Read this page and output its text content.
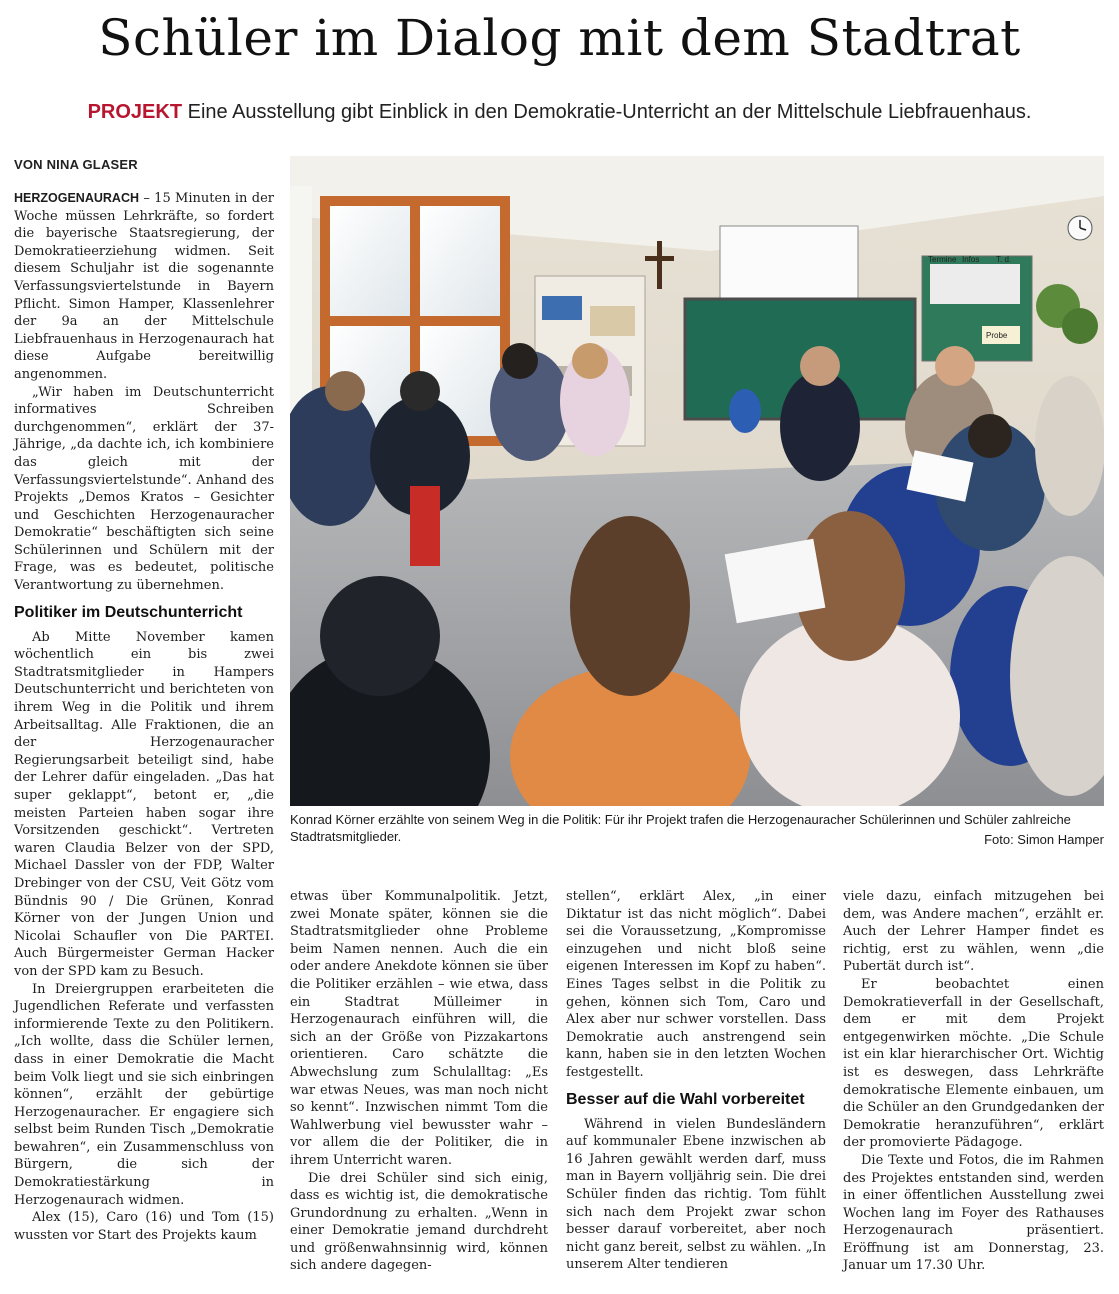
Schüler im Dialog mit dem Stadtrat

PROJEKT Eine Ausstellung gibt Einblick in den Demokratie-Unterricht an der Mittelschule Liebfrauenhaus.

VON NINA GLASER

HERZOGENAURACH – 15 Minuten in der Woche müssen Lehrkräfte, so fordert die bayerische Staatsregierung, der Demokratieerziehung widmen. Seit diesem Schuljahr ist die sogenannte Verfassungsviertelstunde in Bayern Pflicht. Simon Hamper, Klassenlehrer der 9a an der Mittelschule Liebfrauenhaus in Herzogenaurach hat diese Aufgabe bereitwillig angenommen.

„Wir haben im Deutschunterricht informatives Schreiben durchgenommen“, erklärt der 37-Jährige, „da dachte ich, ich kombiniere das gleich mit der Verfassungsviertelstunde“. Anhand des Projekts „Demos Kratos – Gesichter und Geschichten Herzogenauracher Demokratie“ beschäftigten sich seine Schülerinnen und Schülern mit der Frage, was es bedeutet, politische Verantwortung zu übernehmen.

Politiker im Deutschunterricht

Ab Mitte November kamen wöchentlich ein bis zwei Stadtratsmitglieder in Hampers Deutschunterricht und berichteten von ihrem Weg in die Politik und ihrem Arbeitsalltag. Alle Fraktionen, die an der Herzogenauracher Regierungsarbeit beteiligt sind, habe der Lehrer dafür eingeladen. „Das hat super geklappt“, betont er, „die meisten Parteien haben sogar ihre Vorsitzenden geschickt“. Vertreten waren Claudia Belzer von der SPD, Michael Dassler von der FDP, Walter Drebinger von der CSU, Veit Götz vom Bündnis 90 / Die Grünen, Konrad Körner von der Jungen Union und Nicolai Schaufler von Die PARTEI. Auch Bürgermeister German Hacker von der SPD kam zu Besuch.

In Dreiergruppen erarbeiteten die Jugendlichen Referate und verfassten informierende Texte zu den Politikern. „Ich wollte, dass die Schüler lernen, dass in einer Demokratie die Macht beim Volk liegt und sie sich einbringen können“, erzählt der gebürtige Herzogenauracher. Er engagiere sich selbst beim Runden Tisch „Demokratie bewahren“, ein Zusammenschluss von Bürgern, die sich der Demokratiestärkung in Herzogenaurach widmen.

Alex (15), Caro (16) und Tom (15) wussten vor Start des Projekts kaum

Termine Infos T. d.
Probe

Konrad Körner erzählte von seinem Weg in die Politik: Für ihr Projekt trafen die Herzogenauracher Schülerinnen und Schüler zahlreiche Stadtratsmitglieder.	Foto: Simon Hamper

etwas über Kommunalpolitik. Jetzt, zwei Monate später, können sie die Stadtratsmitglieder ohne Probleme beim Namen nennen. Auch die ein oder andere Anekdote können sie über die Politiker erzählen – wie etwa, dass ein Stadtrat Mülleimer in Herzogenaurach einführen will, die sich an der Größe von Pizzakartons orientieren. Caro schätzte die Abwechslung zum Schulalltag: „Es war etwas Neues, was man noch nicht so kennt“. Inzwischen nimmt Tom die Wahlwerbung viel bewusster wahr – vor allem die der Politiker, die in ihrem Unterricht waren.

Die drei Schüler sind sich einig, dass es wichtig ist, die demokratische Grundordnung zu erhalten. „Wenn in einer Demokratie jemand durchdreht und größenwahnsinnig wird, können sich andere dagegen-

stellen“, erklärt Alex, „in einer Diktatur ist das nicht möglich“. Dabei sei die Voraussetzung, „Kompromisse einzugehen und nicht bloß seine eigenen Interessen im Kopf zu haben“. Eines Tages selbst in die Politik zu gehen, können sich Tom, Caro und Alex aber nur schwer vorstellen. Dass Demokratie auch anstrengend sein kann, haben sie in den letzten Wochen festgestellt.

Besser auf die Wahl vorbereitet

Während in vielen Bundesländern auf kommunaler Ebene inzwischen ab 16 Jahren gewählt werden darf, muss man in Bayern volljährig sein. Die drei Schüler finden das richtig. Tom fühlt sich nach dem Projekt zwar schon besser darauf vorbereitet, aber noch nicht ganz bereit, selbst zu wählen. „In unserem Alter tendieren

viele dazu, einfach mitzugehen bei dem, was Andere machen“, erzählt er. Auch der Lehrer Hamper findet es richtig, erst zu wählen, wenn „die Pubertät durch ist“.

Er beobachtet einen Demokratieverfall in der Gesellschaft, dem er mit dem Projekt entgegenwirken möchte. „Die Schule ist ein klar hierarchischer Ort. Wichtig ist es deswegen, dass Lehrkräfte demokratische Elemente einbauen, um die Schüler an den Grundgedanken der Demokratie heranzuführen“, erklärt der promovierte Pädagoge.

Die Texte und Fotos, die im Rahmen des Projektes entstanden sind, werden in einer öffentlichen Ausstellung zwei Wochen lang im Foyer des Rathauses Herzogenaurach präsentiert. Eröffnung ist am Donnerstag, 23. Januar um 17.30 Uhr.
